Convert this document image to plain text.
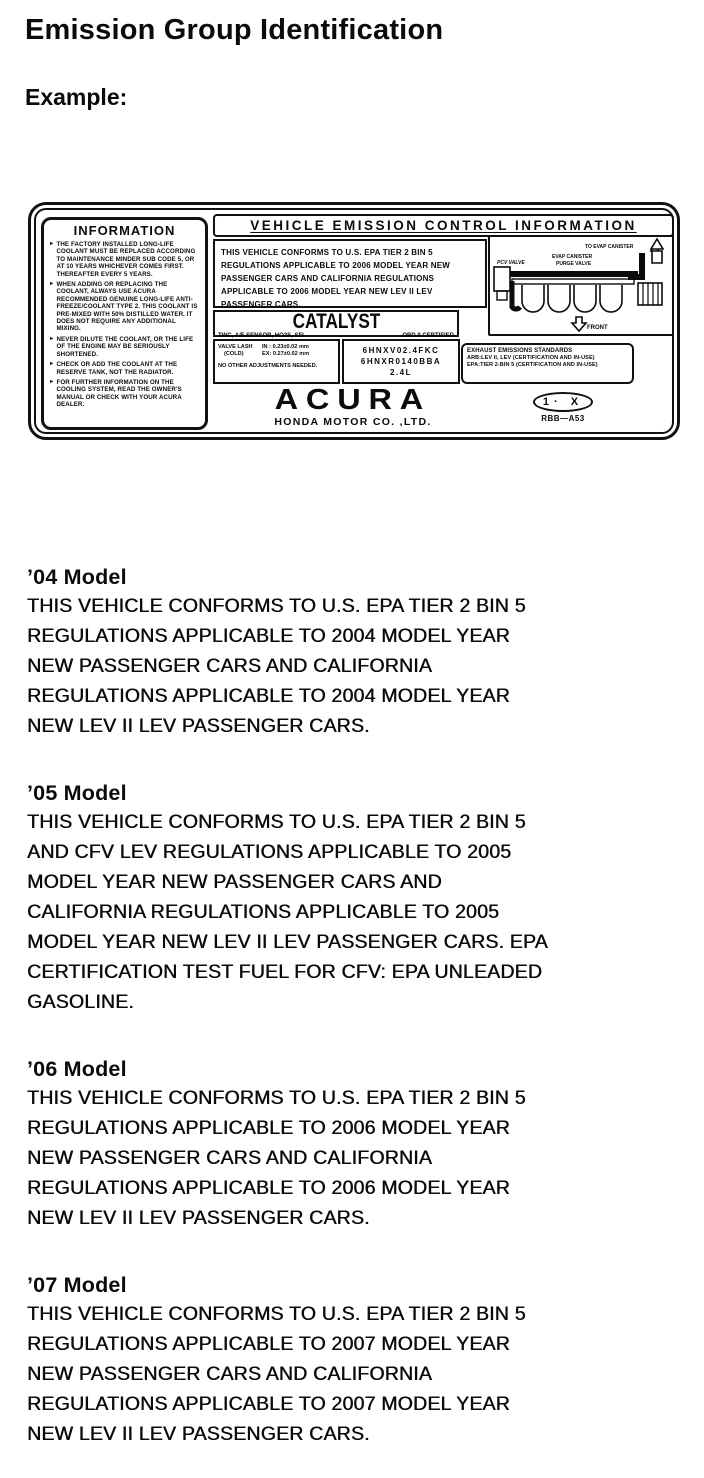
Emission Group Identification
Example:
INFORMATION
► THE FACTORY INSTALLED LONG-LIFE COOLANT MUST BE REPLACED ACCORDING TO MAINTENANCE MINDER SUB CODE 5, OR AT 10 YEARS WHICHEVER COMES FIRST. THEREAFTER EVERY 5 YEARS.
► WHEN ADDING OR REPLACING THE COOLANT, ALWAYS USE ACURA RECOMMENDED GENUINE LONG-LIFE ANTI-FREEZE/COOLANT TYPE 2. THIS COOLANT IS PRE-MIXED WITH 50% DISTILLED WATER. IT DOES NOT REQUIRE ANY ADDITIONAL MIXING.
► NEVER DILUTE THE COOLANT, OR THE LIFE OF THE ENGINE MAY BE SERIOUSLY SHORTENED.
► CHECK OR ADD THE COOLANT AT THE RESERVE TANK, NOT THE RADIATOR.
► FOR FURTHER INFORMATION ON THE COOLING SYSTEM, READ THE OWNER'S MANUAL OR CHECK WITH YOUR ACURA DEALER.
VEHICLE EMISSION CONTROL INFORMATION
THIS VEHICLE CONFORMS TO U.S. EPA TIER 2 BIN 5 REGULATIONS APPLICABLE TO 2006 MODEL YEAR NEW PASSENGER CARS AND CALIFORNIA REGULATIONS APPLICABLE TO 2006 MODEL YEAR NEW LEV II LEV PASSENGER CARS.
TO EVAP CANISTER
EVAP CANISTER
PURGE VALVE
PCV VALVE
FRONT
CATALYST
TWC, A/F SENSOR, HO2S, SFI	OBD II CERTIFIED
VALVE LASH	IN : 0.23±0.02 mm
(COLD)	EX: 0.27±0.02 mm
NO OTHER ADJUSTMENTS NEEDED.
6HNXV02.4FKC
6HNXR0140BBA
2.4L
EXHAUST EMISSIONS STANDARDS
ARB:LEV II, LEV (CERTIFICATION AND IN-USE)
EPA:TIER 2-BIN 5 (CERTIFICATION AND IN-USE)
ACURA
HONDA MOTOR CO. ,LTD.
1· X
RBB—A53
’04 Model
THIS VEHICLE CONFORMS TO U.S. EPA TIER 2 BIN 5
REGULATIONS APPLICABLE TO 2004 MODEL YEAR
NEW PASSENGER CARS AND CALIFORNIA
REGULATIONS APPLICABLE TO 2004 MODEL YEAR
NEW LEV II LEV PASSENGER CARS.
’05 Model
THIS VEHICLE CONFORMS TO U.S. EPA TIER 2 BIN 5
AND CFV LEV REGULATIONS APPLICABLE TO 2005
MODEL YEAR NEW PASSENGER CARS AND
CALIFORNIA REGULATIONS APPLICABLE TO 2005
MODEL YEAR NEW LEV II LEV PASSENGER CARS. EPA
CERTIFICATION TEST FUEL FOR CFV: EPA UNLEADED
GASOLINE.
’06 Model
THIS VEHICLE CONFORMS TO U.S. EPA TIER 2 BIN 5
REGULATIONS APPLICABLE TO 2006 MODEL YEAR
NEW PASSENGER CARS AND CALIFORNIA
REGULATIONS APPLICABLE TO 2006 MODEL YEAR
NEW LEV II LEV PASSENGER CARS.
’07 Model
THIS VEHICLE CONFORMS TO U.S. EPA TIER 2 BIN 5
REGULATIONS APPLICABLE TO 2007 MODEL YEAR
NEW PASSENGER CARS AND CALIFORNIA
REGULATIONS APPLICABLE TO 2007 MODEL YEAR
NEW LEV II LEV PASSENGER CARS.
